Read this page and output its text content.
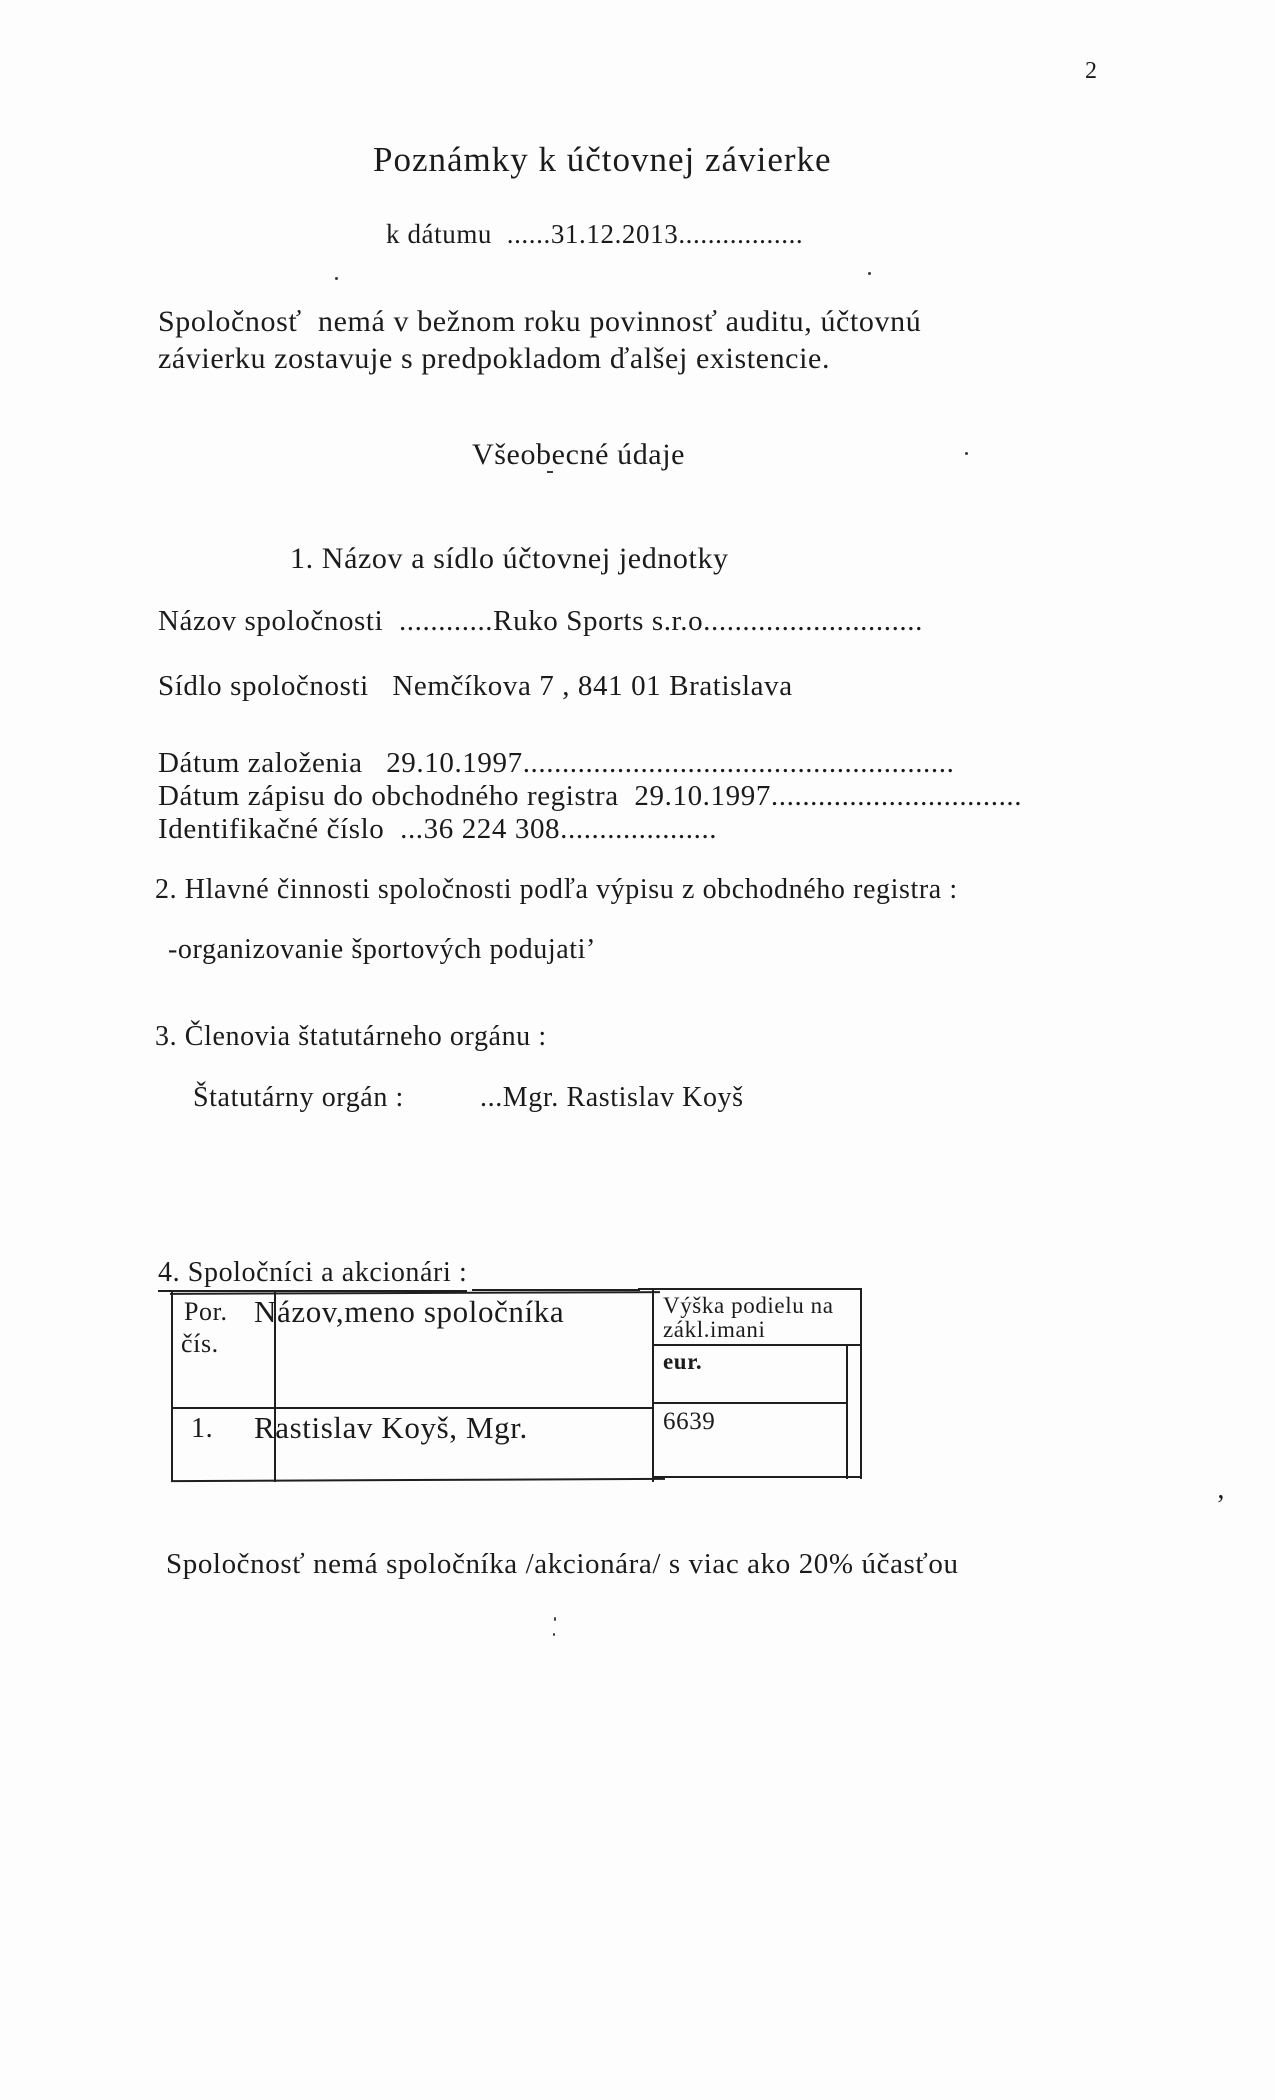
2
Poznámky k účtovnej závierke
k dátumu  ......31.12.2013.................
Spoločnosť  nemá v bežnom roku povinnosť auditu, účtovnú
závierku zostavuje s predpokladom ďalšej existencie.
Všeobecné údaje
1. Názov a sídlo účtovnej jednotky
Názov spoločnosti  ............Ruko Sports s.r.o............................
Sídlo spoločnosti   Nemčíkova 7 , 841 01 Bratislava
Dátum založenia   29.10.1997.......................................................
Dátum zápisu do obchodného registra  29.10.1997................................
Identifikačné číslo  ...36 224 308....................
2. Hlavné činnosti spoločnosti podľa výpisu z obchodného registra :
-organizovanie športových podujatiʼ
3. Členovia štatutárneho orgánu :
Štatutárny orgán :	...Mgr. Rastislav Koyš
4. Spoločníci a akcionári :
Por.
čís.
Názov,meno spoločníka	Výška podielu na
zákl.imani
eur.
1. Rastislav Koyš, Mgr.	6639
Spoločnosť nemá spoločníka /akcionára/ s viac ako 20% účasťou
ʼ
